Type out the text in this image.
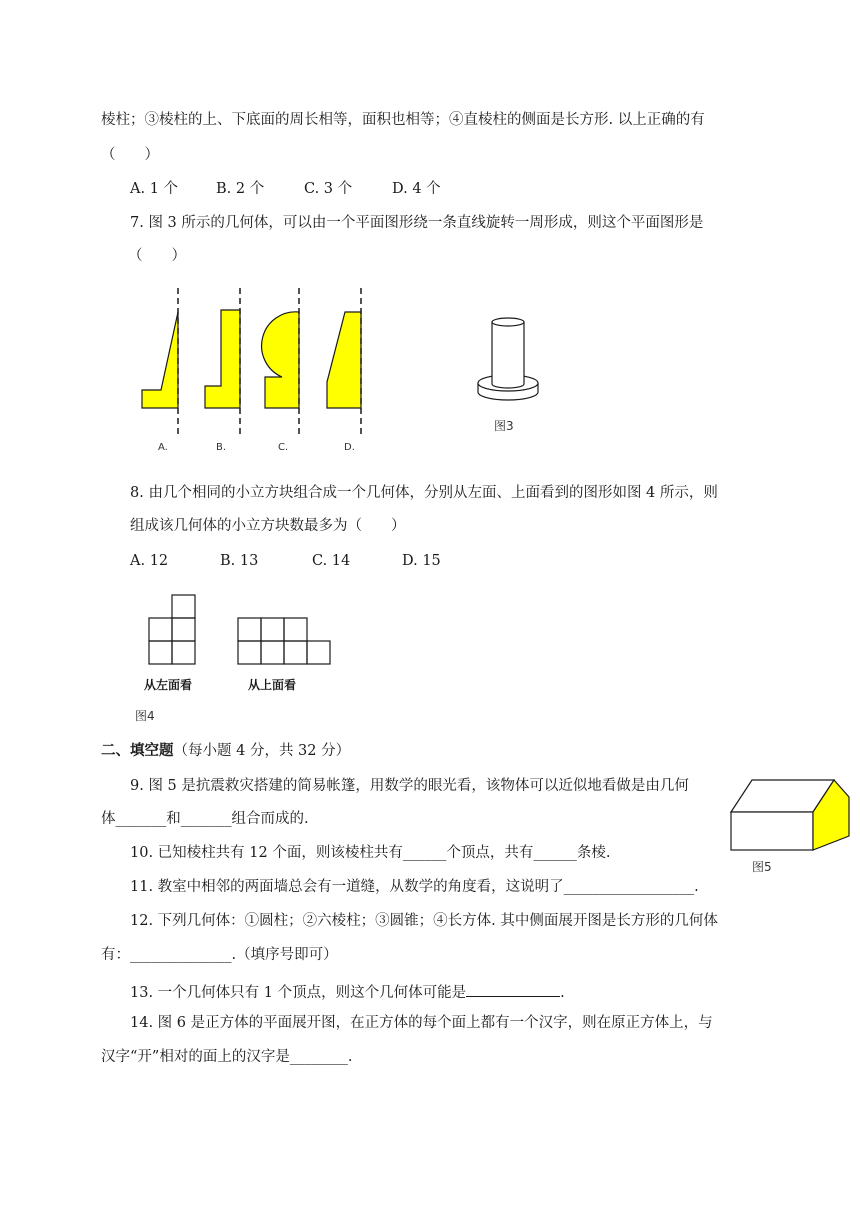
棱柱；③棱柱的上、下底面的周长相等，面积也相等；④直棱柱的侧面是长方形. 以上正确的有
（　　）
A. 1 个	B. 2 个	C. 3 个	D. 4 个
7. 图 3 所示的几何体，可以由一个平面图形绕一条直线旋转一周形成，则这个平面图形是
（　　）
A.	B.	C.	D.
图3
8. 由几个相同的小立方块组合成一个几何体，分别从左面、上面看到的图形如图 4 所示，则
组成该几何体的小立方块数最多为（　　）
A. 12	B. 13	C. 14	D. 15
从左面看	从上面看
图4
二、填空题（每小题 4 分，共 32 分）
9. 图 5 是抗震救灾搭建的简易帐篷，用数学的眼光看，该物体可以近似地看做是由几何
体_______和_______组合而成的.
图5
10. 已知棱柱共有 12 个面，则该棱柱共有______个顶点，共有______条棱.
11. 教室中相邻的两面墙总会有一道缝，从数学的角度看，这说明了__________________.
12. 下列几何体：①圆柱；②六棱柱；③圆锥；④长方体. 其中侧面展开图是长方形的几何体
有：______________.（填序号即可）
13. 一个几何体只有 1 个顶点，则这个几何体可能是	.
14. 图 6 是正方体的平面展开图，在正方体的每个面上都有一个汉字，则在原正方体上，与
汉字“开”相对的面上的汉字是________.
